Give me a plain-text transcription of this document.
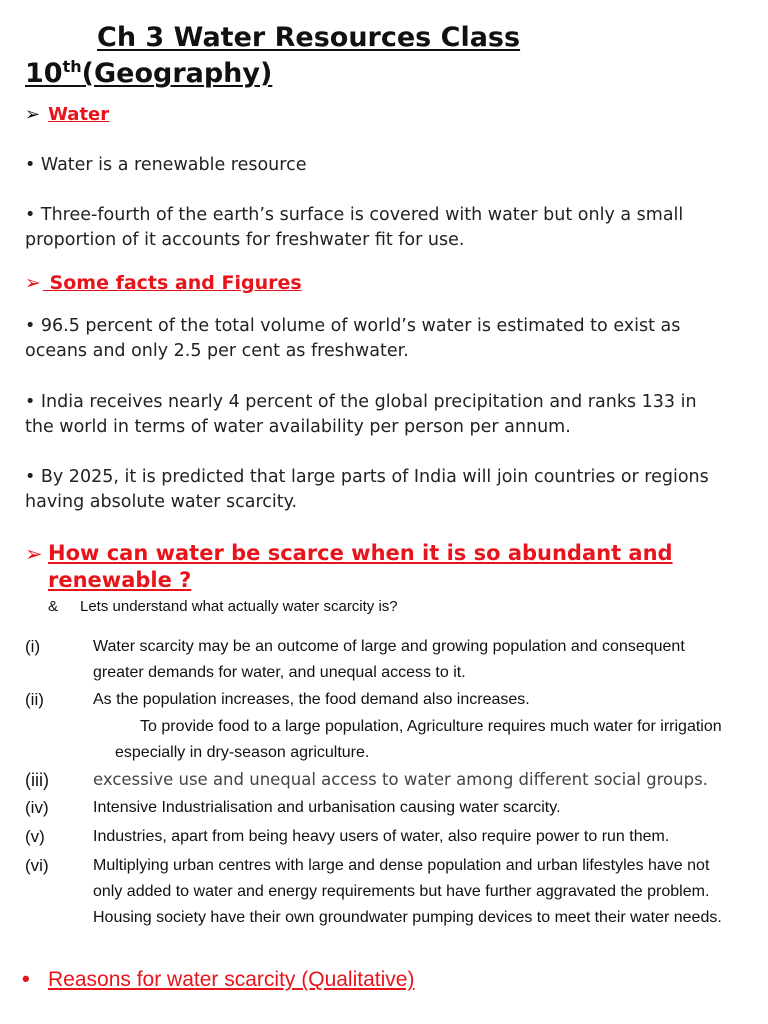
Ch 3 Water Resources Class
10th(Geography)
➢ Water
• Water is a renewable resource
• Three-fourth of the earth’s surface is covered with water but only a small
proportion of it accounts for freshwater fit for use.
➢ Some facts and Figures
• 96.5 percent of the total volume of world’s water is estimated to exist as
oceans and only 2.5 per cent as freshwater.
• India receives nearly 4 percent of the global precipitation and ranks 133 in
the world in terms of water availability per person per annum.
• By 2025, it is predicted that large parts of India will join countries or regions
having absolute water scarcity.
➢ How can water be scarce when it is so abundant and
renewable ?
& Lets understand what actually water scarcity is?
(i)	Water scarcity may be an outcome of large and growing population and consequent
greater demands for water, and unequal access to it.
(ii)	As the population increases, the food demand also increases.
To provide food to a large population, Agriculture requires much water for irrigation
especially in dry-season agriculture.
(iii)	excessive use and unequal access to water among different social groups.
(iv)	Intensive Industrialisation and urbanisation causing water scarcity.
(v)	Industries, apart from being heavy users of water, also require power to run them.
(vi)	Multiplying urban centres with large and dense population and urban lifestyles have not
only added to water and energy requirements but have further aggravated the problem.
Housing society have their own groundwater pumping devices to meet their water needs.
• Reasons for water scarcity (Qualitative)
